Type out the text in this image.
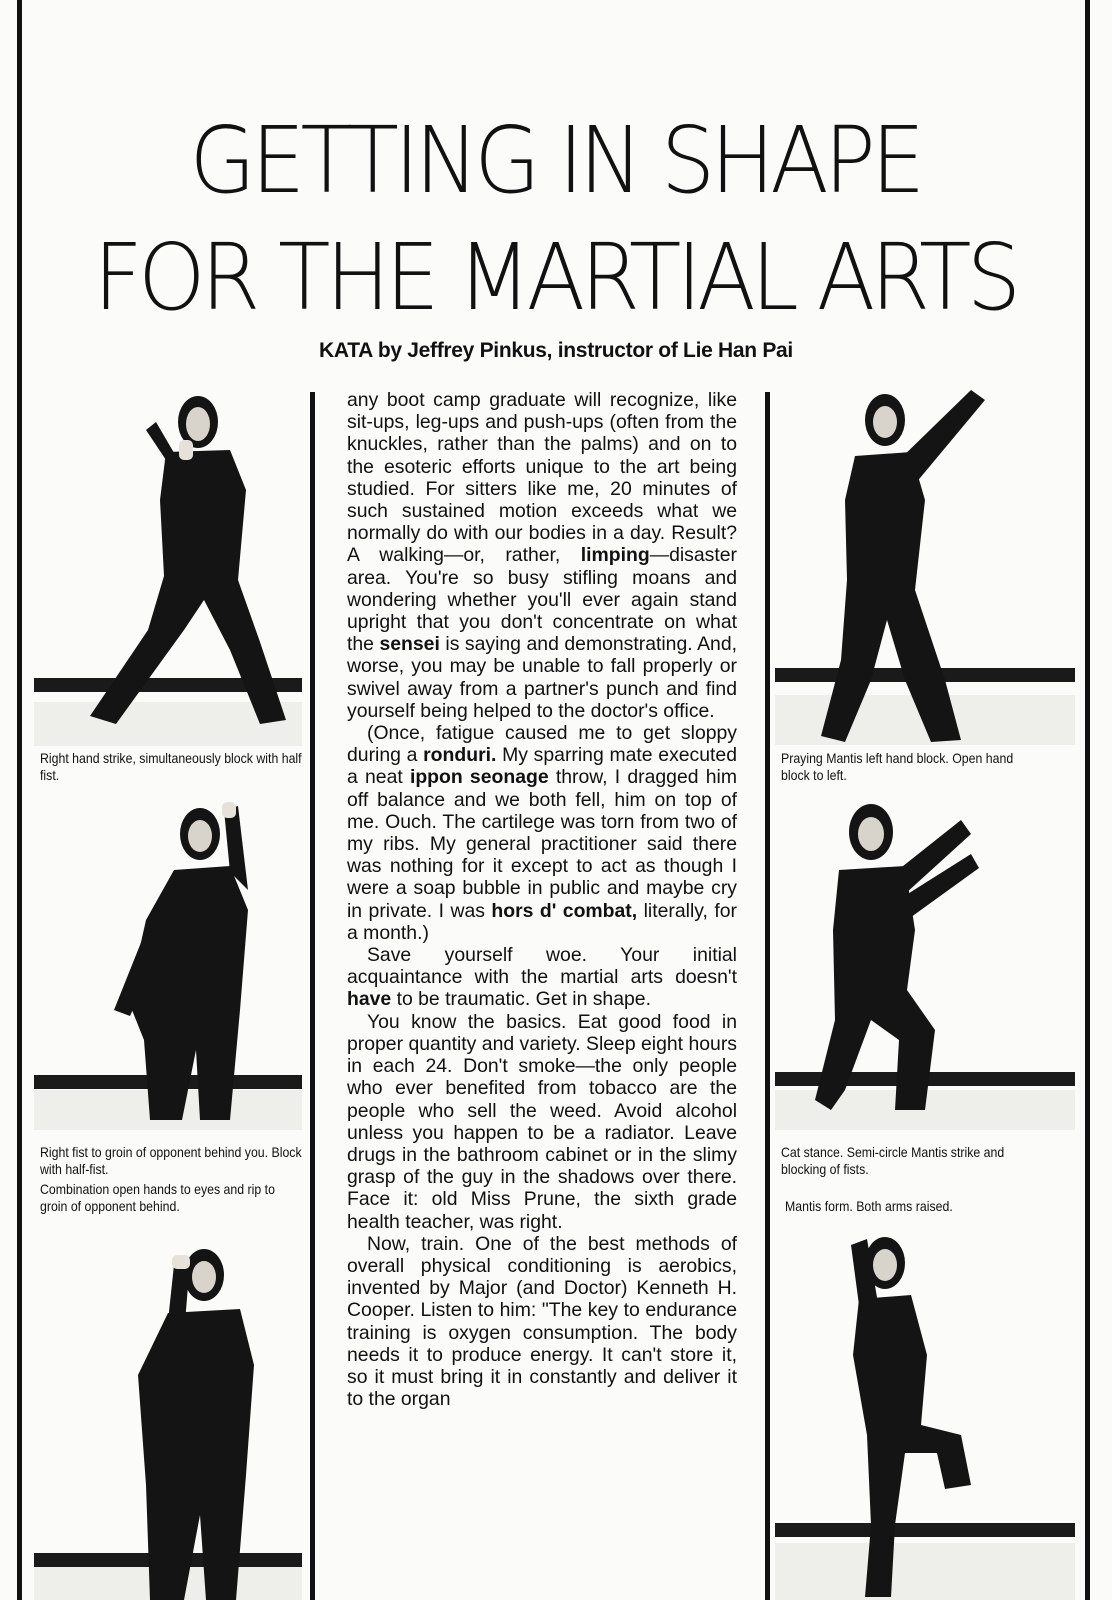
GETTING IN SHAPE
FOR THE MARTIAL ARTS
KATA by Jeffrey Pinkus, instructor of Lie Han Pai
Right hand strike, simultaneously block with half fist.
Right fist to groin of opponent behind you. Block with half-fist.
Combination open hands to eyes and rip to groin of opponent behind.

any boot camp graduate will recognize, like sit-ups, leg-ups and push-ups (often from the knuckles, rather than the palms) and on to the esoteric efforts unique to the art being studied. For sitters like me, 20 minutes of such sustained motion exceeds what we normally do with our bodies in a day. Result? A walking—or, rather, limping—disaster area. You're so busy stifling moans and wondering whether you'll ever again stand upright that you don't concentrate on what the sensei is saying and demonstrating. And, worse, you may be unable to fall properly or swivel away from a partner's punch and find yourself being helped to the doctor's office.

(Once, fatigue caused me to get sloppy during a ronduri. My sparring mate executed a neat ippon seonage throw, I dragged him off balance and we both fell, him on top of me. Ouch. The cartilege was torn from two of my ribs. My general practitioner said there was nothing for it except to act as though I were a soap bubble in public and maybe cry in private. I was hors d' combat, literally, for a month.)

Save yourself woe. Your initial acquaintance with the martial arts doesn't have to be traumatic. Get in shape.

You know the basics. Eat good food in proper quantity and variety. Sleep eight hours in each 24. Don't smoke—the only people who ever benefited from tobacco are the people who sell the weed. Avoid alcohol unless you happen to be a radiator. Leave drugs in the bathroom cabinet or in the slimy grasp of the guy in the shadows over there. Face it: old Miss Prune, the sixth grade health teacher, was right.

Now, train. One of the best methods of overall physical conditioning is aerobics, invented by Major (and Doctor) Kenneth H. Cooper. Listen to him: "The key to endurance training is oxygen consumption. The body needs it to produce energy. It can't store it, so it must bring it in constantly and deliver it to the organ

Praying Mantis left hand block. Open hand block to left.
Cat stance. Semi-circle Mantis strike and blocking of fists.
Mantis form. Both arms raised.
